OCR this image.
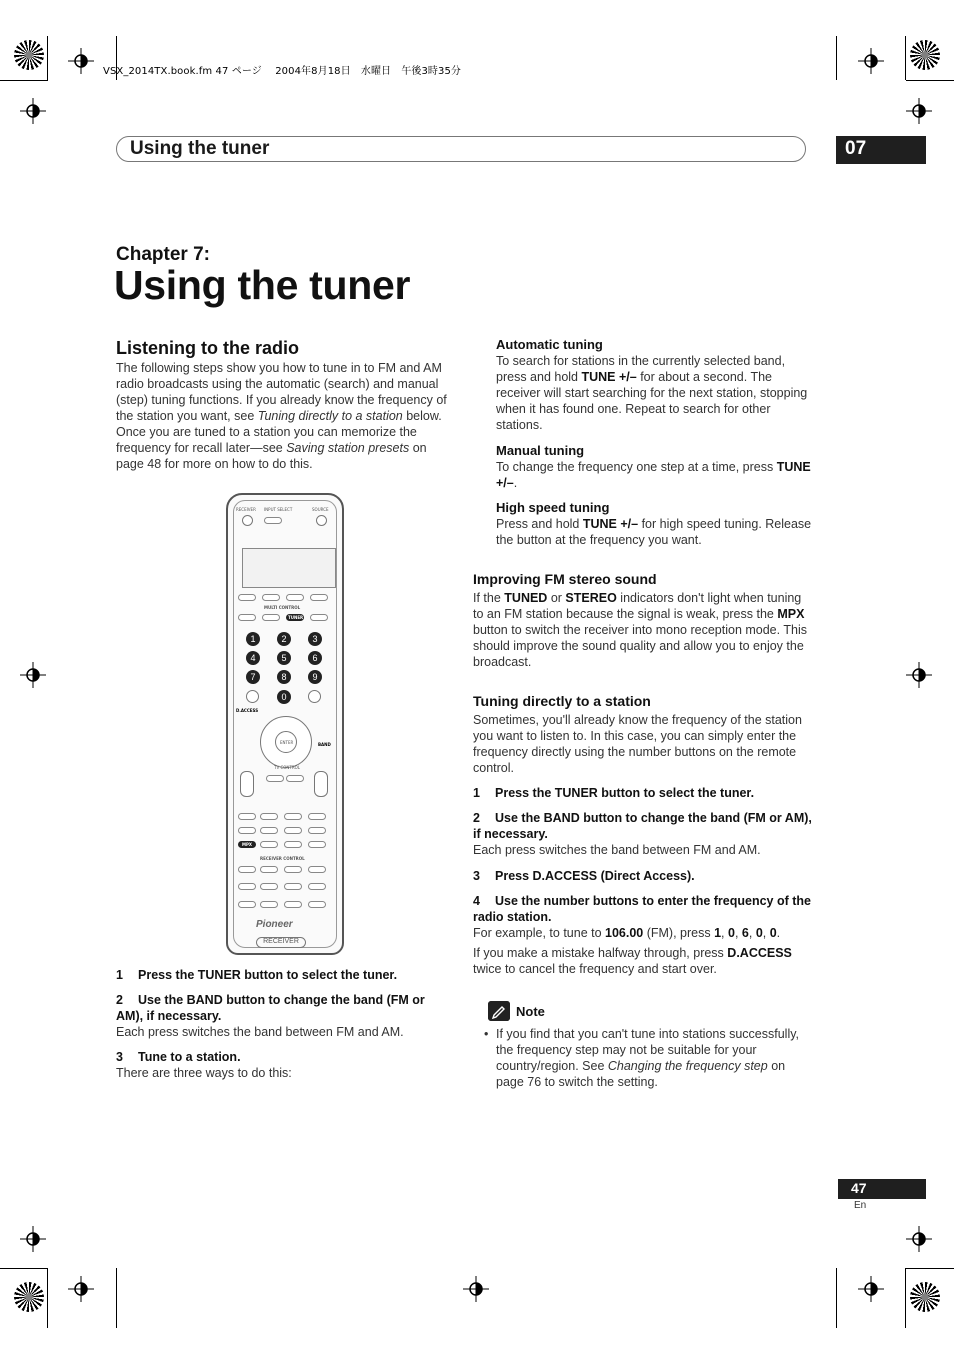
VSX_2014TX.book.fm 47 ページ　 2004年8月18日　水曜日　午後3時35分
Using the tuner	07
Chapter 7:
Using the tuner
Listening to the radio
The following steps show you how to tune in to FM and AM radio broadcasts using the automatic (search) and manual (step) tuning functions. If you already know the frequency of the station you want, see Tuning directly to a station below. Once you are tuned to a station you can memorize the frequency for recall later—see Saving station presets on page 48 for more on how to do this.
RECEIVER INPUT SELECT	SOURCE
MULTI CONTROL
TUNER
1	2	3
4	5	6
7	8	9
0
D.ACCESS
ENTER	BAND
TV CONTROL
MPX
RECEIVER CONTROL
Pioneer
RECEIVER
1 Press the TUNER button to select the tuner.
2 Use the BAND button to change the band (FM or AM), if necessary.
Each press switches the band between FM and AM.
3 Tune to a station.
There are three ways to do this:
Automatic tuning
To search for stations in the currently selected band, press and hold TUNE +/– for about a second. The receiver will start searching for the next station, stopping when it has found one. Repeat to search for other stations.
Manual tuning
To change the frequency one step at a time, press TUNE +/–.
High speed tuning
Press and hold TUNE +/– for high speed tuning. Release the button at the frequency you want.
Improving FM stereo sound
If the TUNED or STEREO indicators don't light when tuning to an FM station because the signal is weak, press the MPX button to switch the receiver into mono reception mode. This should improve the sound quality and allow you to enjoy the broadcast.
Tuning directly to a station
Sometimes, you'll already know the frequency of the station you want to listen to. In this case, you can simply enter the frequency directly using the number buttons on the remote control.
1 Press the TUNER button to select the tuner.
2 Use the BAND button to change the band (FM or AM), if necessary.
Each press switches the band between FM and AM.
3 Press D.ACCESS (Direct Access).
4 Use the number buttons to enter the frequency of the radio station.
For example, to tune to 106.00 (FM), press 1, 0, 6, 0, 0.
If you make a mistake halfway through, press D.ACCESS twice to cancel the frequency and start over.
Note
• If you find that you can't tune into stations successfully, the frequency step may not be suitable for your country/region. See Changing the frequency step on page 76 to switch the setting.
47
En
